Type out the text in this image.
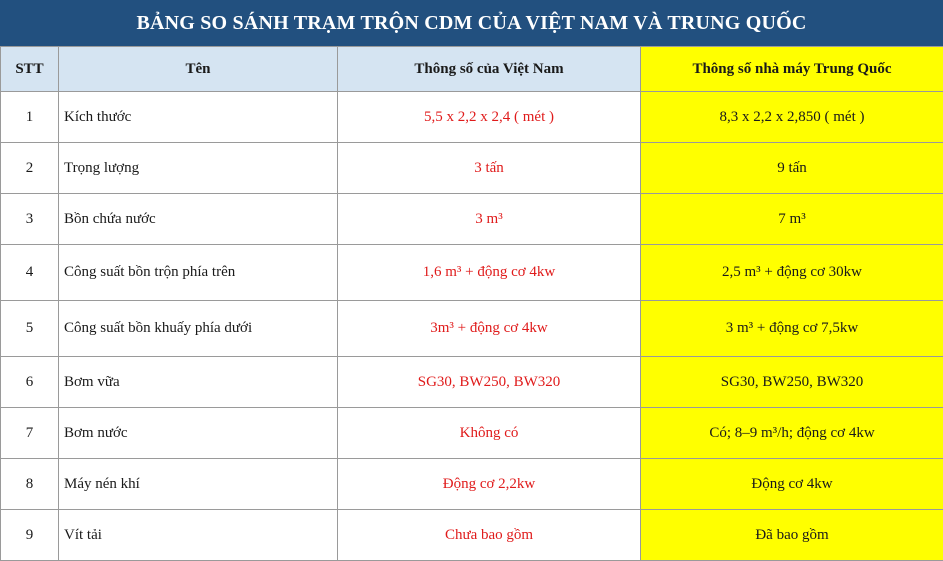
BẢNG SO SÁNH TRẠM TRỘN CDM CỦA VIỆT NAM VÀ TRUNG QUỐC
STT	Tên	Thông số của Việt Nam	Thông số nhà máy Trung Quốc
1	Kích thước	5,5 x 2,2 x 2,4 ( mét )	8,3 x 2,2 x 2,850 ( mét )
2	Trọng lượng	3 tấn	9 tấn
3	Bồn chứa nước	3 m³	7 m³
4	Công suất bồn trộn phía trên	1,6 m³ + động cơ 4kw	2,5 m³ + động cơ 30kw
5	Công suất bồn khuấy phía dưới	3m³ + động cơ 4kw	3 m³ + động cơ 7,5kw
6	Bơm vữa	SG30, BW250, BW320	SG30, BW250, BW320
7	Bơm nước	Không có	Có; 8–9 m³/h; động cơ 4kw
8	Máy nén khí	Động cơ 2,2kw	Động cơ 4kw
9	Vít tải	Chưa bao gồm	Đã bao gồm
